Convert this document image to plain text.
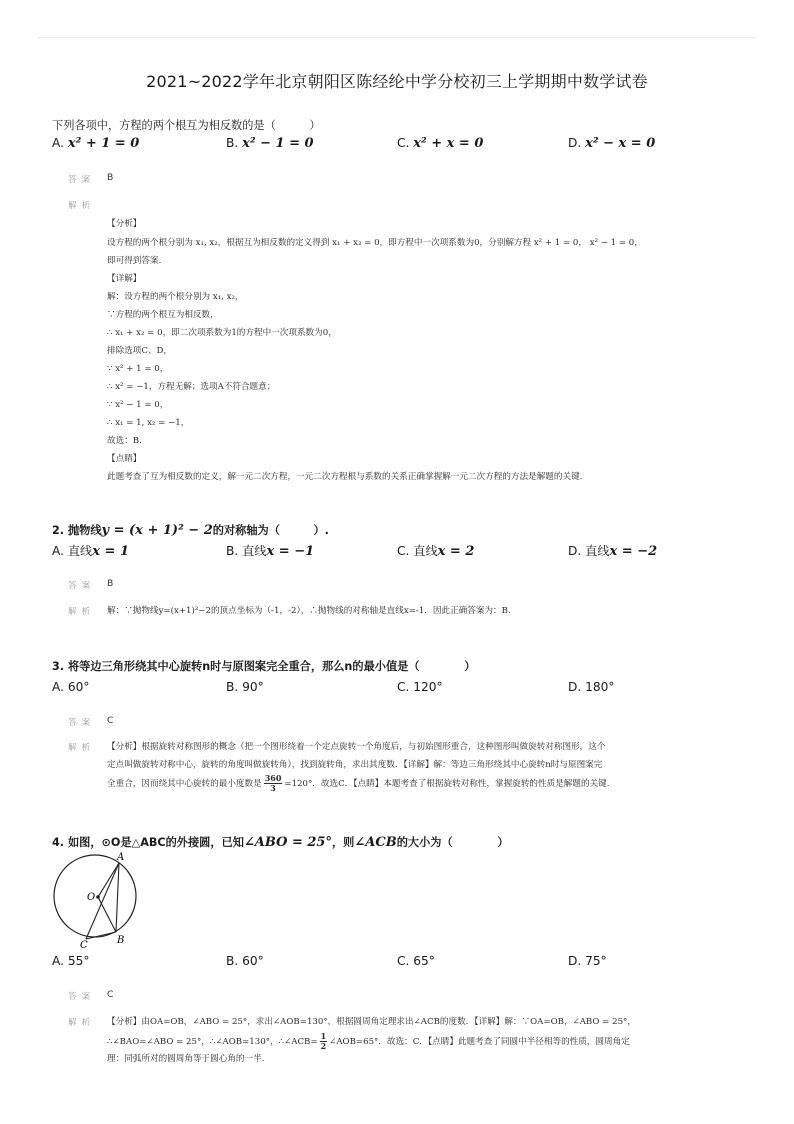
2021~2022学年北京朝阳区陈经纶中学分校初三上学期期中数学试卷
下列各项中，方程的两个根互为相反数的是（　　　）
A. x² + 1 = 0	B. x² − 1 = 0	C. x² + x = 0	D. x² − x = 0
答案 B
解析
【分析】
设方程的两个根分别为 x₁, x₂，根据互为相反数的定义得到 x₁ + x₂ = 0，即方程中一次项系数为0，分别解方程 x² + 1 = 0， x² − 1 = 0，
即可得到答案.
【详解】
解：设方程的两个根分别为 x₁, x₂，
∵方程的两个根互为相反数，
∴ x₁ + x₂ = 0，即二次项系数为1的方程中一次项系数为0，
排除选项C、D，
∵ x² + 1 = 0，
∴ x² = −1，方程无解；选项A不符合题意；
∵ x² − 1 = 0，
∴ x₁ = 1, x₂ = −1，
故选：B.
【点睛】
此题考查了互为相反数的定义，解一元二次方程，一元二次方程根与系数的关系正确掌握解一元二次方程的方法是解题的关键.
2. 抛物线y = (x + 1)² − 2的对称轴为（　　　）.
A. 直线x = 1	B. 直线x = −1	C. 直线x = 2	D. 直线x = −2
答案 B
解析 解：∵抛物线y=(x+1)²−2的顶点坐标为（-1，-2），∴抛物线的对称轴是直线x=-1．因此正确答案为：B.
3. 将等边三角形绕其中心旋转n时与原图案完全重合，那么n的最小值是（　　　　）
A. 60°	B. 90°	C. 120°	D. 180°
答案 C
解析 【分析】根据旋转对称图形的概念（把一个图形绕着一个定点旋转一个角度后，与初始图形重合，这种图形叫做旋转对称图形，这个
定点叫做旋转对称中心，旋转的角度叫做旋转角），找到旋转角，求出其度数．【详解】解：等边三角形绕其中心旋转n时与原图案完
全重合，因而绕其中心旋转的最小度数是 $\frac{360}{3} =120^\circ$．故选C．【点睛】本题考查了根据旋转对称性，掌握旋转的性质是解题的关键.
4. 如图，⊙O是△ABC的外接圆，已知∠ABO = 25°，则∠ACB的大小为（　　　　）
A
O
B
C
A. 55°	B. 60°	C. 65°	D. 75°
答案 C
解析 【分析】由OA=OB，∠ABO = 25°，求出∠AOB=130°，根据圆周角定理求出∠ACB的度数．【详解】解：∵OA=OB，∠ABO = 25°，
∴∠BAO=∠ABO = 25°，∴∠AOB=130°，∴∠ACB= $\frac{1}{2}$ ∠AOB=65°．故选：C．【点睛】此题考查了同圆中半径相等的性质，圆周角定
理：同弧所对的圆周角等于圆心角的一半.
